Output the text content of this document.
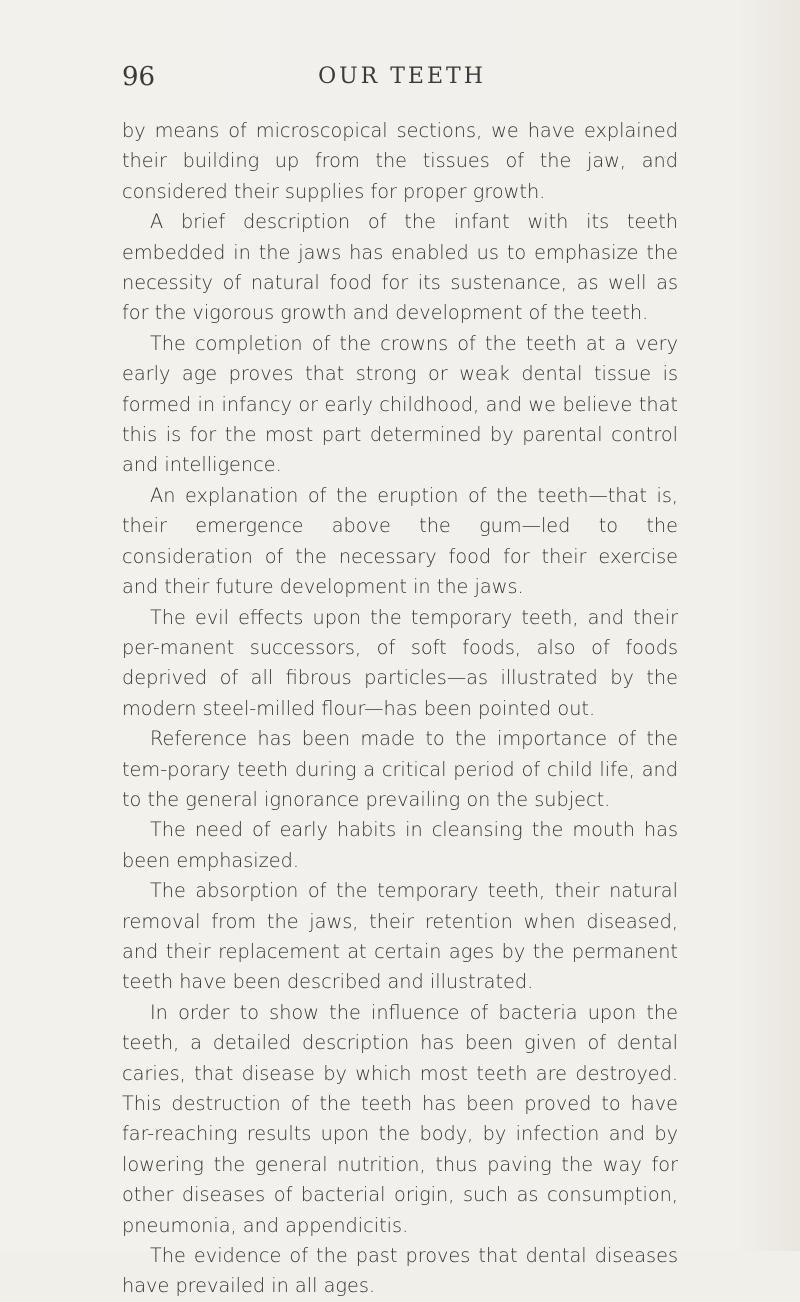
96	OUR TEETH

by means of microscopical sections, we have explained their building up from the tissues of the jaw, and considered their supplies for proper growth.

A brief description of the infant with its teeth embedded in the jaws has enabled us to emphasize the necessity of natural food for its sustenance, as well as for the vigorous growth and development of the teeth.

The completion of the crowns of the teeth at a very early age proves that strong or weak dental tissue is formed in infancy or early childhood, and we believe that this is for the most part determined by parental control and intelligence.

An explanation of the eruption of the teeth—that is, their emergence above the gum—led to the consideration of the necessary food for their exercise and their future development in the jaws.

The evil effects upon the temporary teeth, and their per-manent successors, of soft foods, also of foods deprived of all fibrous particles—as illustrated by the modern steel-milled flour—has been pointed out.

Reference has been made to the importance of the tem-porary teeth during a critical period of child life, and to the general ignorance prevailing on the subject.

The need of early habits in cleansing the mouth has been emphasized.

The absorption of the temporary teeth, their natural removal from the jaws, their retention when diseased, and their replacement at certain ages by the permanent teeth have been described and illustrated.

In order to show the influence of bacteria upon the teeth, a detailed description has been given of dental caries, that disease by which most teeth are destroyed. This destruction of the teeth has been proved to have far-reaching results upon the body, by infection and by lowering the general nutrition, thus paving the way for other diseases of bacterial origin, such as consumption, pneumonia, and appendicitis.

The evidence of the past proves that dental diseases have prevailed in all ages.
